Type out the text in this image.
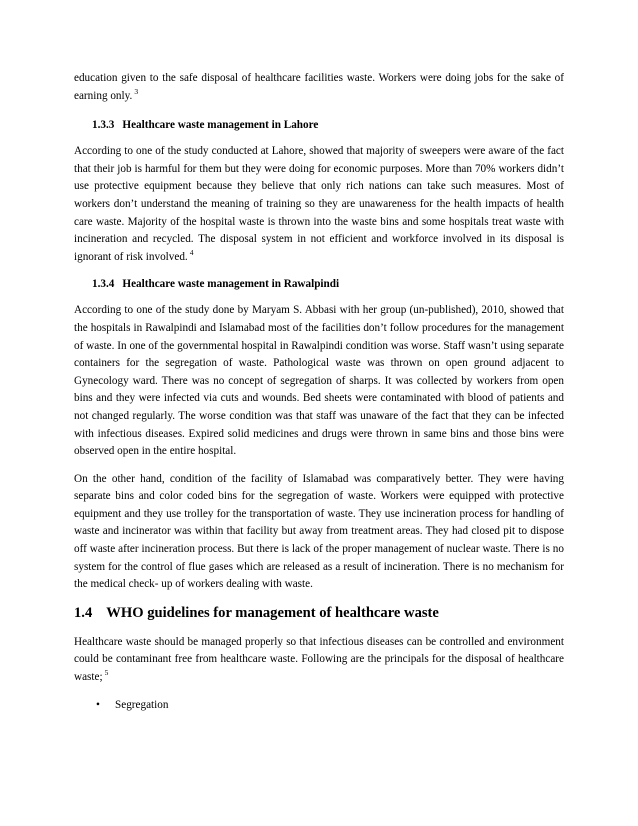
education given to the safe disposal of healthcare facilities waste. Workers were doing jobs for the sake of earning only. $^3$

1.3.3 Healthcare waste management in Lahore

According to one of the study conducted at Lahore, showed that majority of sweepers were aware of the fact that their job is harmful for them but they were doing for economic purposes. More than 70% workers didn’t use protective equipment because they believe that only rich nations can take such measures. Most of workers don’t understand the meaning of training so they are unawareness for the health impacts of health care waste. Majority of the hospital waste is thrown into the waste bins and some hospitals treat waste with incineration and recycled. The disposal system in not efficient and workforce involved in its disposal is ignorant of risk involved. $^4$

1.3.4 Healthcare waste management in Rawalpindi

According to one of the study done by Maryam S. Abbasi with her group (un-published), 2010, showed that the hospitals in Rawalpindi and Islamabad most of the facilities don’t follow procedures for the management of waste. In one of the governmental hospital in Rawalpindi condition was worse. Staff wasn’t using separate containers for the segregation of waste. Pathological waste was thrown on open ground adjacent to Gynecology ward. There was no concept of segregation of sharps. It was collected by workers from open bins and they were infected via cuts and wounds. Bed sheets were contaminated with blood of patients and not changed regularly. The worse condition was that staff was unaware of the fact that they can be infected with infectious diseases. Expired solid medicines and drugs were thrown in same bins and those bins were observed open in the entire hospital.

On the other hand, condition of the facility of Islamabad was comparatively better. They were having separate bins and color coded bins for the segregation of waste. Workers were equipped with protective equipment and they use trolley for the transportation of waste. They use incineration process for handling of waste and incinerator was within that facility but away from treatment areas. They had closed pit to dispose off waste after incineration process. But there is lack of the proper management of nuclear waste. There is no system for the control of flue gases which are released as a result of incineration. There is no mechanism for the medical check- up of workers dealing with waste.

1.4 WHO guidelines for management of healthcare waste

Healthcare waste should be managed properly so that infectious diseases can be controlled and environment could be contaminant free from healthcare waste. Following are the principals for the disposal of healthcare waste; $^5$

• Segregation
